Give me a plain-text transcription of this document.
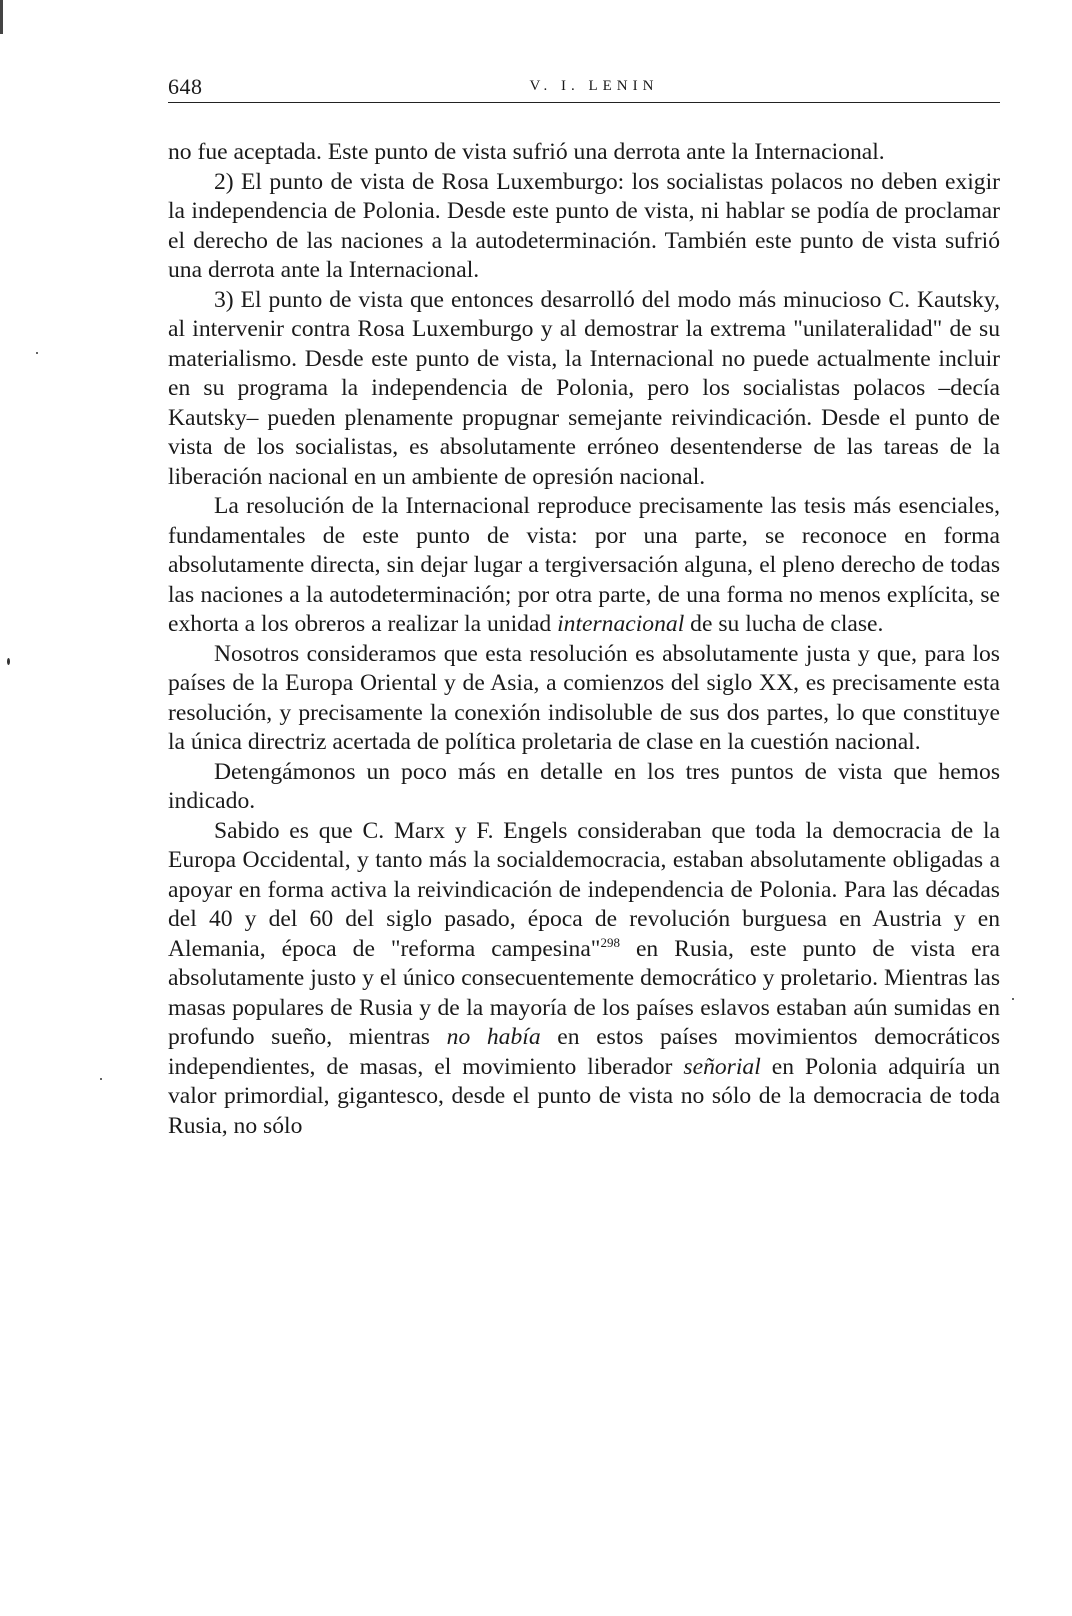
648	V. I. LENIN

no fue aceptada. Este punto de vista sufrió una derrota ante la Internacional.

2) El punto de vista de Rosa Luxemburgo: los socialistas polacos no deben exigir la independencia de Polonia. Desde este punto de vista, ni hablar se podía de proclamar el derecho de las naciones a la autodeterminación. También este punto de vista sufrió una derrota ante la Internacional.

3) El punto de vista que entonces desarrolló del modo más minucioso C. Kautsky, al intervenir contra Rosa Luxemburgo y al demostrar la extrema "unilateralidad" de su materialismo. Desde este punto de vista, la Internacional no puede actualmente incluir en su programa la independencia de Polonia, pero los socialistas polacos –decía Kautsky– pueden plenamente propugnar semejante reivindicación. Desde el punto de vista de los socialistas, es absolutamente erróneo desentenderse de las tareas de la liberación nacional en un ambiente de opresión nacional.

La resolución de la Internacional reproduce precisamente las tesis más esenciales, fundamentales de este punto de vista: por una parte, se reconoce en forma absolutamente directa, sin dejar lugar a tergiversación alguna, el pleno derecho de todas las naciones a la autodeterminación; por otra parte, de una forma no menos explícita, se exhorta a los obreros a realizar la unidad internacional de su lucha de clase.

Nosotros consideramos que esta resolución es absolutamente justa y que, para los países de la Europa Oriental y de Asia, a comienzos del siglo XX, es precisamente esta resolución, y precisamente la conexión indisoluble de sus dos partes, lo que constituye la única directriz acertada de política proletaria de clase en la cuestión nacional.

Detengámonos un poco más en detalle en los tres puntos de vista que hemos indicado.

Sabido es que C. Marx y F. Engels consideraban que toda la democracia de la Europa Occidental, y tanto más la socialdemocracia, estaban absolutamente obligadas a apoyar en forma activa la reivindicación de independencia de Polonia. Para las décadas del 40 y del 60 del siglo pasado, época de revolución burguesa en Austria y en Alemania, época de "reforma campesina"$^{298}$ en Rusia, este punto de vista era absolutamente justo y el único consecuentemente democrático y proletario. Mientras las masas populares de Rusia y de la mayoría de los países eslavos estaban aún sumidas en profundo sueño, mientras no había en estos países movimientos democráticos independientes, de masas, el movimiento liberador señorial en Polonia adquiría un valor primordial, gigantesco, desde el punto de vista no sólo de la democracia de toda Rusia, no sólo
